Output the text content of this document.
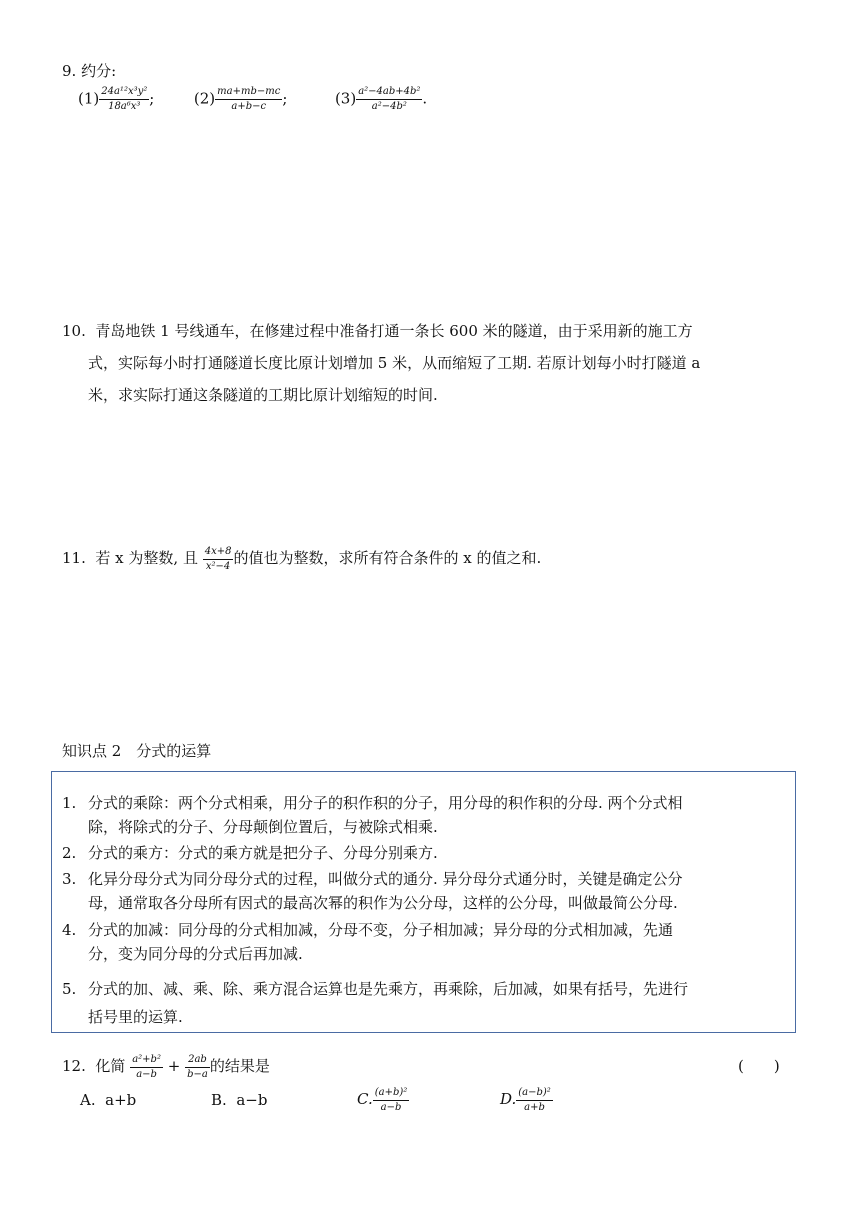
9. 约分:
$(1) \frac{\text{24a¹²x³y²}}{\text{18a⁶x³}}$ ;	$(2) \frac{ma+mb-mc}{a+b-c}$ ;	$(3) \frac{\text{a²−4ab+4b²}}{\text{a²−4b²}}$ .
10. 青岛地铁 1 号线通车，在修建过程中准备打通一条长 600 米的隧道，由于采用新的施工方
式，实际每小时打通隧道长度比原计划增加 5 米，从而缩短了工期. 若原计划每小时打隧道 a
米，求实际打通这条隧道的工期比原计划缩短的时间.
11. 若 x 为整数, 且 $\frac{4x+8}{\text{x²−4}}$ 的值也为整数，求所有符合条件的 x 的值之和.
知识点 2　分式的运算
1. 分式的乘除：两个分式相乘，用分子的积作积的分子，用分母的积作积的分母. 两个分式相
除，将除式的分子、分母颠倒位置后，与被除式相乘.
2. 分式的乘方：分式的乘方就是把分子、分母分别乘方.
3. 化异分母分式为同分母分式的过程，叫做分式的通分. 异分母分式通分时，关键是确定公分
母，通常取各分母所有因式的最高次幂的积作为公分母，这样的公分母，叫做最简公分母.
4. 分式的加减：同分母的分式相加减，分母不变，分子相加减；异分母的分式相加减，先通
分，变为同分母的分式后再加减.
5. 分式的加、减、乘、除、乘方混合运算也是先乘方，再乘除，后加减，如果有括号，先进行
括号里的运算.
12. 化简 $\frac{\text{a²+b²}}{a-b} + \frac{2ab}{b-a}$ 的结果是	(　　)
A. a+b	B. a−b	C. $\frac{\text{(a+b)²}}{a-b}$	D. $\frac{\text{(a−b)²}}{a+b}$
